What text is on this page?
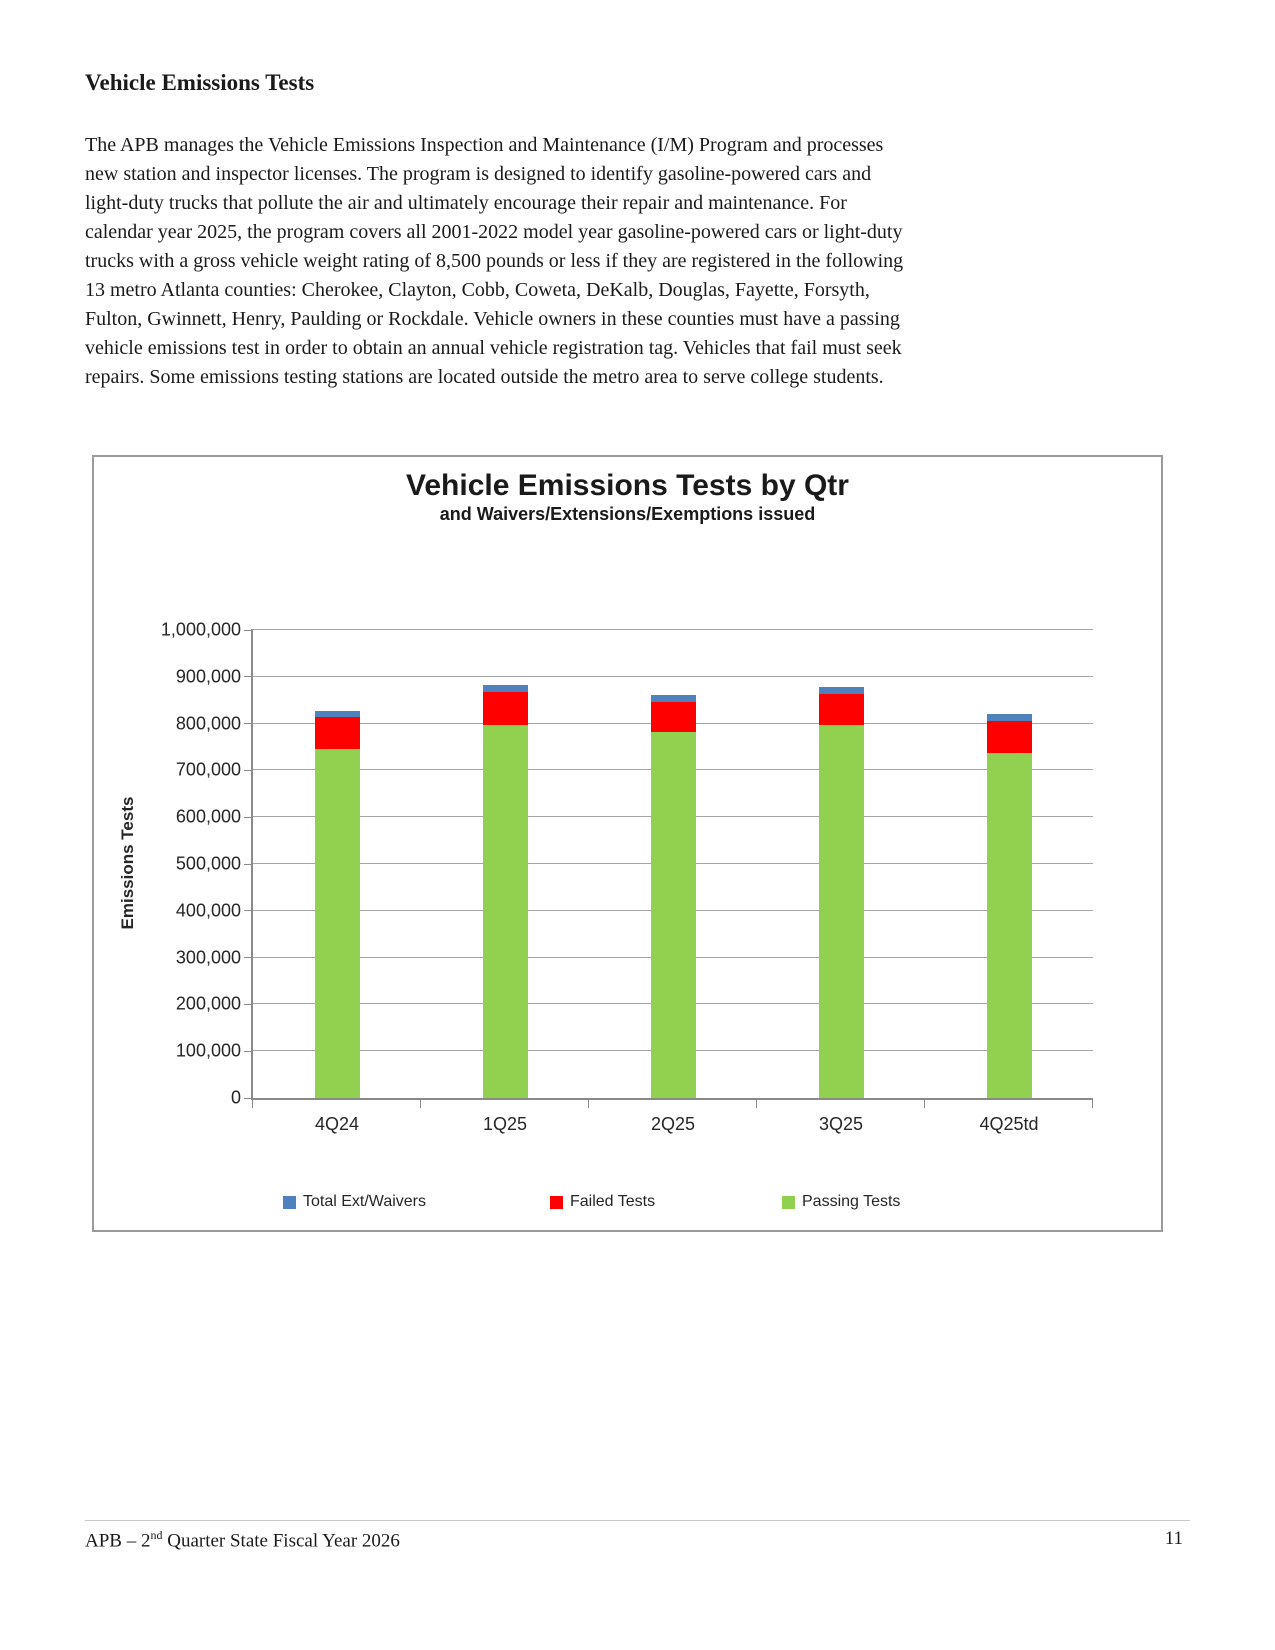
Vehicle Emissions Tests
The APB manages the Vehicle Emissions Inspection and Maintenance (I/M) Program and processes
new station and inspector licenses. The program is designed to identify gasoline-powered cars and
light-duty trucks that pollute the air and ultimately encourage their repair and maintenance. For
calendar year 2025, the program covers all 2001-2022 model year gasoline-powered cars or light-duty
trucks with a gross vehicle weight rating of 8,500 pounds or less if they are registered in the following
13 metro Atlanta counties: Cherokee, Clayton, Cobb, Coweta, DeKalb, Douglas, Fayette, Forsyth,
Fulton, Gwinnett, Henry, Paulding or Rockdale. Vehicle owners in these counties must have a passing
vehicle emissions test in order to obtain an annual vehicle registration tag. Vehicles that fail must seek
repairs. Some emissions testing stations are located outside the metro area to serve college students.
Vehicle Emissions Tests by Qtr
and Waivers/Extensions/Exemptions issued
Emissions Tests
1,000,000
900,000
800,000
700,000
600,000
500,000
400,000
300,000
200,000
100,000
0
4Q24	1Q25	2Q25	3Q25	4Q25td
Total Ext/Waivers	Failed Tests	Passing Tests
APB – 2nd Quarter State Fiscal Year 2026	11
